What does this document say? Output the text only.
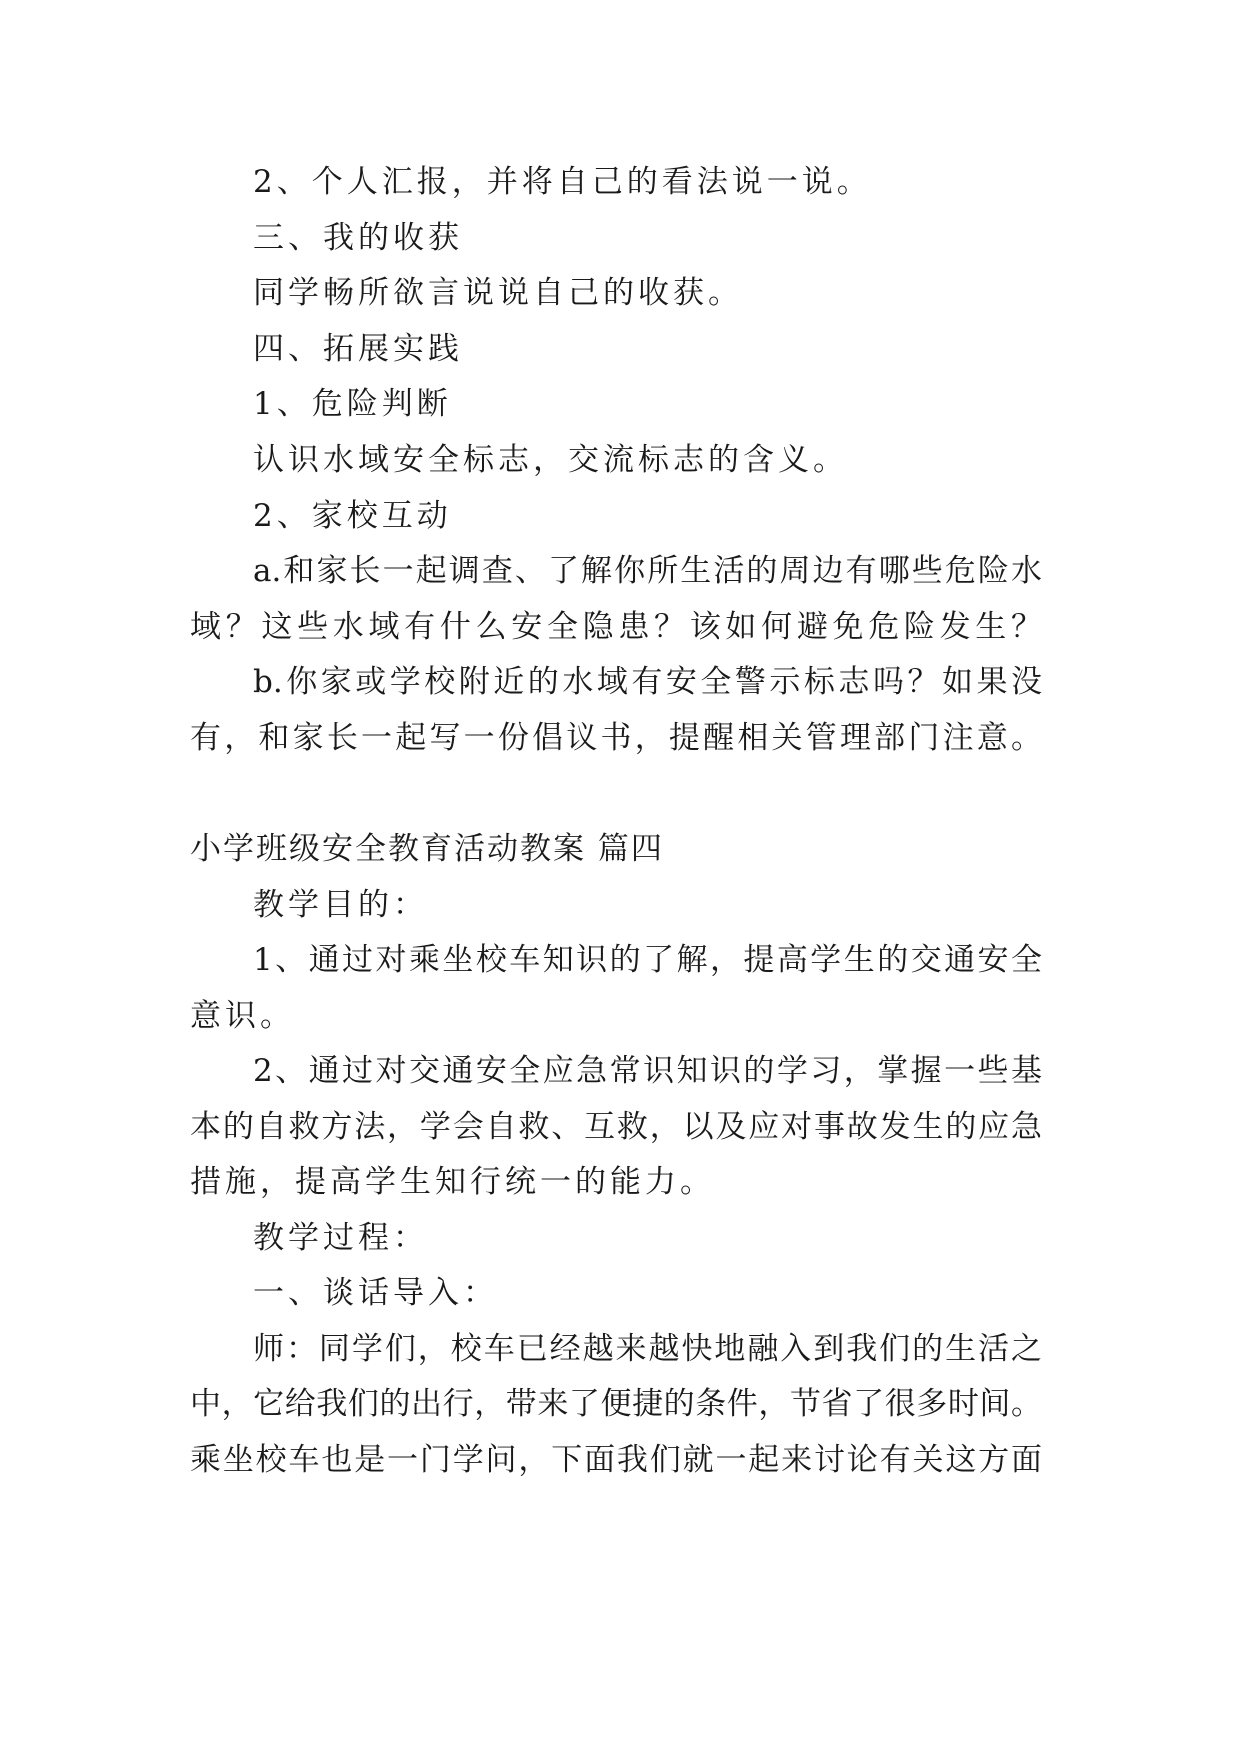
2、个人汇报，并将自己的看法说一说。
三、我的收获
同学畅所欲言说说自己的收获。
四、拓展实践
1、危险判断
认识水域安全标志，交流标志的含义。
2、家校互动
a.和家长一起调查、了解你所生活的周边有哪些危险水
域？这些水域有什么安全隐患？该如何避免危险发生？
b.你家或学校附近的水域有安全警示标志吗？如果没
有，和家长一起写一份倡议书，提醒相关管理部门注意。
小学班级安全教育活动教案 篇四
教学目的：
1、通过对乘坐校车知识的了解，提高学生的交通安全
意识。
2、通过对交通安全应急常识知识的学习，掌握一些基
本的自救方法，学会自救、互救，以及应对事故发生的应急
措施，提高学生知行统一的能力。
教学过程：
一、谈话导入：
师：同学们，校车已经越来越快地融入到我们的生活之
中，它给我们的出行，带来了便捷的条件，节省了很多时间。
乘坐校车也是一门学问，下面我们就一起来讨论有关这方面
